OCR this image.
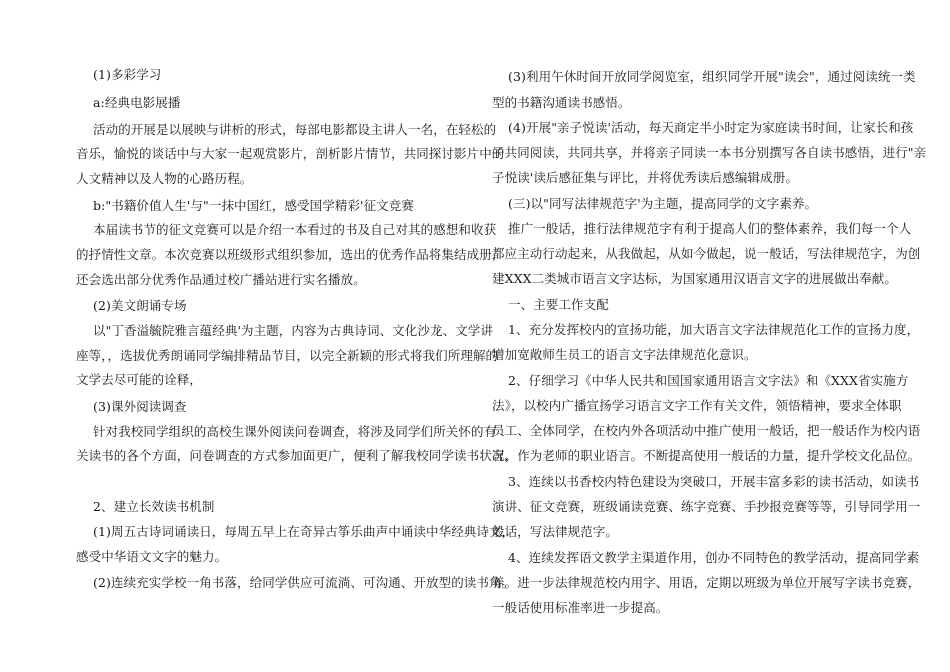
(1)多彩学习
a:经典电影展播
活动的开展是以展映与讲析的形式，每部电影都设主讲人一名，在轻松的
音乐，愉悦的谈话中与大家一起观赏影片，剖析影片情节，共同探讨影片中的
人文精神以及人物的心路历程。
b:"书籍价值人生'与"一抹中国红，感受国学精彩'征文竞赛
本届读书节的征文竞赛可以是介绍一本看过的书及自己对其的感想和收获
的抒情性文章。本次竞赛以班级形式组织参加，选出的优秀作品将集结成册，
还会选出部分优秀作品通过校广播站进行实名播放。
(2)美文朗诵专场
以"丁香溢毓院雅言蕴经典'为主题，内容为古典诗词、文化沙龙、文学讲
座等，，选拔优秀朗诵同学编排精品节目，以完全新颖的形式将我们所理解的
文学去尽可能的诠释，
(3)课外阅读调查
针对我校同学组织的高校生课外阅读问卷调查，将涉及同学们所关怀的有
关读书的各个方面，问卷调查的方式参加面更广，便利了解我校同学读书状况。
2、建立长效读书机制
(1)周五古诗词诵读日，每周五早上在奇异古筝乐曲声中诵读中华经典诗文，
感受中华语文文字的魅力。
(2)连续充实学校一角书落，给同学供应可流淌、可沟通、开放型的读书角。
(3)利用午休时间开放同学阅览室，组织同学开展"读会"，通过阅读统一类
型的书籍沟通读书感悟。
(4)开展"亲子悦读'活动，每天商定半小时定为家庭读书时间，让家长和孩
子共同阅读，共同共享，并将亲子同读一本书分别撰写各自读书感悟，进行"亲
子悦读'读后感征集与评比，并将优秀读后感编辑成册。
(三)以"同写法律规范字'为主题，提高同学的文字素养。
推广一般话，推行法律规范字有利于提高人们的整体素养，我们每一个人
都应主动行动起来，从我做起，从如今做起，说一般话，写法律规范字，为创
建XXX二类城市语言文字达标，为国家通用汉语言文字的进展做出奉献。
一、主要工作支配
1、充分发挥校内的宣扬功能，加大语言文字法律规范化工作的宣扬力度，
增加宽敞师生员工的语言文字法律规范化意识。
2、仔细学习《中华人民共和国国家通用语言文字法》和《XXX省实施方
法》，以校内广播宣扬学习语言文字工作有关文件，领悟精神，要求全体职
员工、全体同学，在校内外各项活动中推广使用一般话，把一般话作为校内语
言，作为老师的职业语言。不断提高使用一般话的力量，提升学校文化品位。
3、连续以书香校内特色建设为突破口，开展丰富多彩的读书活动，如读书
演讲、征文竞赛，班级诵读竞赛、练字竞赛、手抄报竞赛等等，引导同学用一
般话，写法律规范字。
4、连续发挥语文教学主渠道作用，创办不同特色的教学活动，提高同学素
养。进一步法律规范校内用字、用语，定期以班级为单位开展写字读书竞赛，
一般话使用标准率进一步提高。
